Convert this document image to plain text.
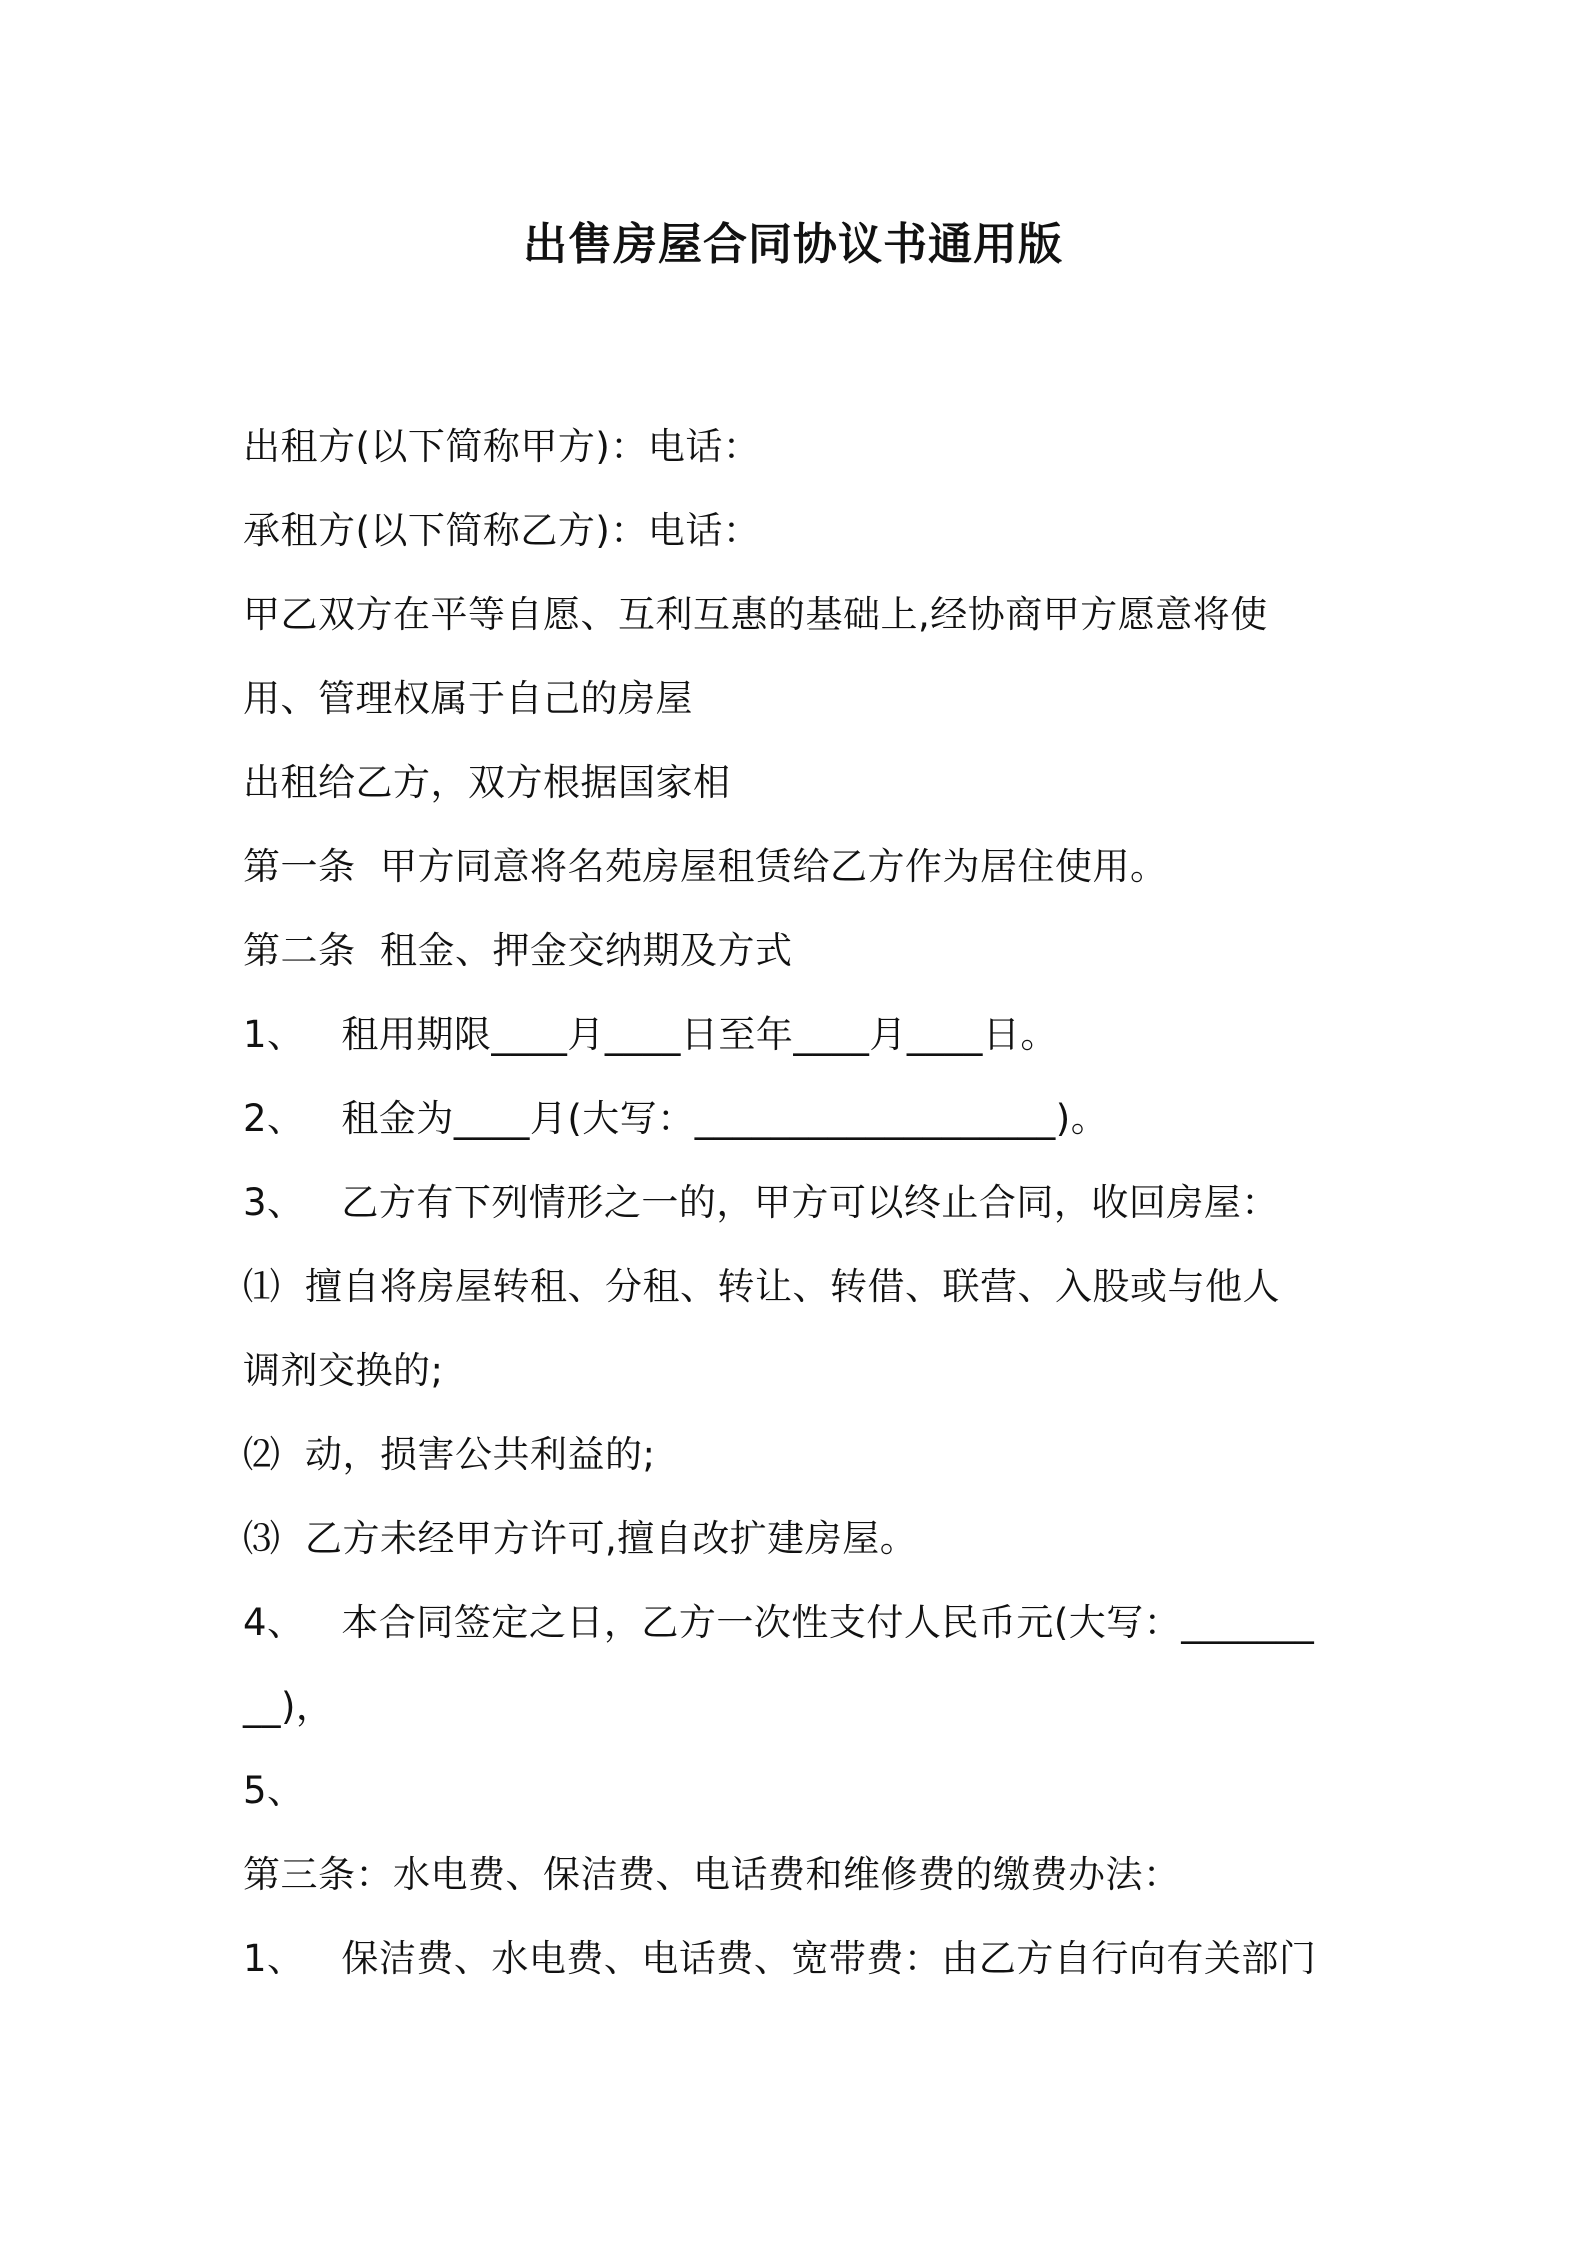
出售房屋合同协议书通用版
出租方(以下简称甲方)：电话：
承租方(以下简称乙方)：电话：
甲乙双方在平等自愿、互利互惠的基础上,经协商甲方愿意将使
用、管理权属于自己的房屋
出租给乙方，双方根据国家相
第一条  甲方同意将名苑房屋租赁给乙方作为居住使用。
第二条  租金、押金交纳期及方式
1、   租用期限____月____日至年____月____日。
2、   租金为____月(大写：___________________)。
3、   乙方有下列情形之一的，甲方可以终止合同，收回房屋：
⑴  擅自将房屋转租、分租、转让、转借、联营、入股或与他人
调剂交换的;
⑵  动，损害公共利益的;
⑶  乙方未经甲方许可,擅自改扩建房屋。
4、   本合同签定之日，乙方一次性支付人民币元(大写：_______
__)，
5、
第三条：水电费、保洁费、电话费和维修费的缴费办法：
1、   保洁费、水电费、电话费、宽带费：由乙方自行向有关部门
